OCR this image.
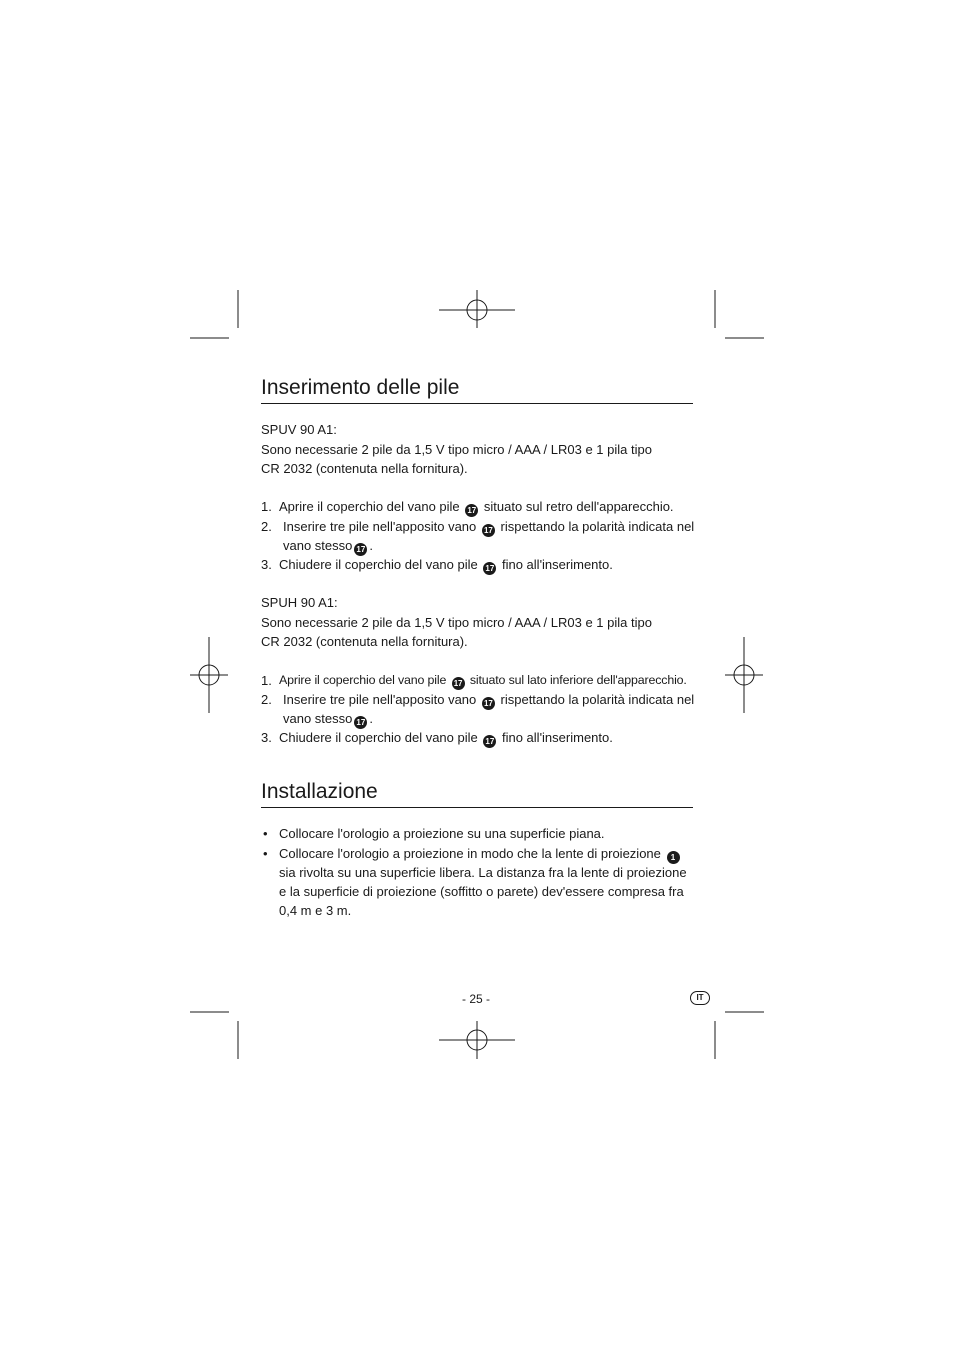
Inserimento delle pile

SPUV 90 A1:

Sono necessarie 2 pile da 1,5 V tipo micro / AAA / LR03 e 1 pila tipo

CR 2032 (contenuta nella fornitura).

1. Aprire il coperchio del vano pile 17 situato sul retro dell'apparecchio.
2. Inserire tre pile nell'apposito vano 17 rispettando la polarità indicata nel
vano stesso 17 .
3. Chiudere il coperchio del vano pile 17 fino all'inserimento.

SPUH 90 A1:

Sono necessarie 2 pile da 1,5 V tipo micro / AAA / LR03 e 1 pila tipo

CR 2032 (contenuta nella fornitura).

1. Aprire il coperchio del vano pile 17 situato sul lato inferiore dell'apparecchio.
2. Inserire tre pile nell'apposito vano 17 rispettando la polarità indicata nel
vano stesso 17 .
3. Chiudere il coperchio del vano pile 17 fino all'inserimento.
Installazione
• Collocare l'orologio a proiezione su una superficie piana.
• Collocare l'orologio a proiezione in modo che la lente di proiezione 1
sia rivolta su una superficie libera. La distanza fra la lente di proiezione
e la superficie di proiezione (soffitto o parete) dev'essere compresa fra
0,4 m e 3 m.
- 25 -	IT
